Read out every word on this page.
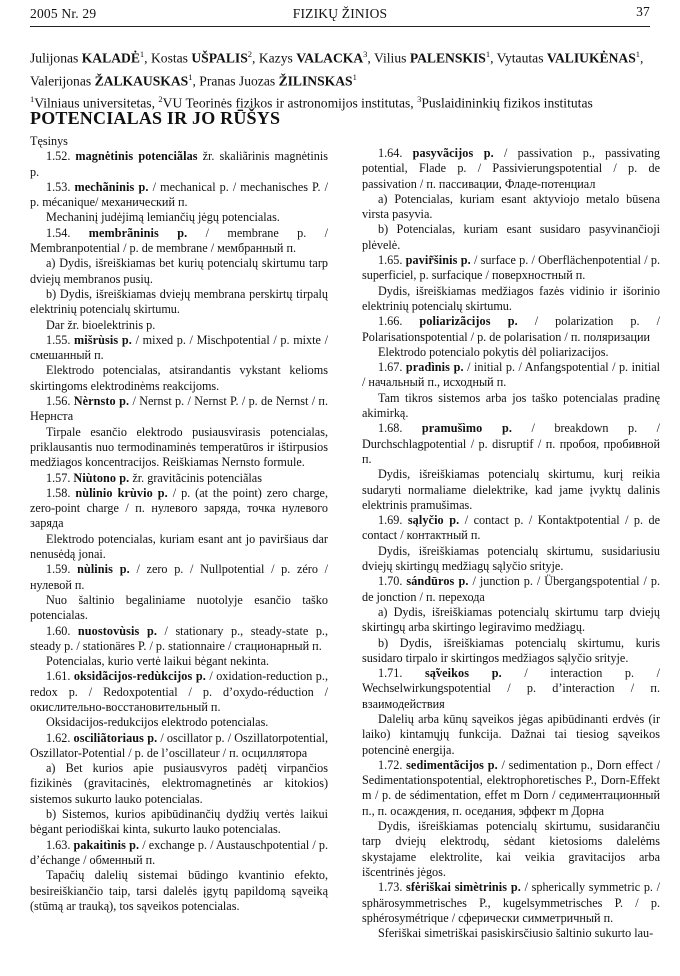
2005 Nr. 29	FIZIKŲ ŽINIOS	37
Julijonas KALADĖ$^1$, Kostas UŠPALIS$^2$, Kazys VALACKA$^3$, Vilius PALENSKIS$^1$, Vytautas VALIUKĖNAS$^1$,
Valerijonas ŽALKAUSKAS$^1$, Pranas Juozas ŽILINSKAS$^1$
$^1$Vilniaus universitetas, $^2$VU Teorinės fizikos ir astronomijos institutas, $^3$Puslaidininkių fizikos institutas
POTENCIALAS IR JO RŪŠYS

Tęsinys

1.52. magnėtinis potenciãlas žr. skaliãrinis magnėtinis p.

1.53. mechãninis p. / mechanical p. / mechanisches P. / p. mécanique/ механический п.

Mechaninį judėjimą lemiančių jėgų potencialas.

1.54. membrãninis p. / membrane p. / Membranpotential / p. de membrane / мембранный п.

a) Dydis, išreiškiamas bet kurių potencialų skirtumu tarp dviejų membranos pusių.

b) Dydis, išreiškiamas dviejų membrana perskirtų tirpalų elektrinių potencialų skirtumu.

Dar žr. bioelektrinis p.

1.55. mišrùsis p. / mixed p. / Mischpotential / p. mixte / смешанный п.

Elektrodo potencialas, atsirandantis vykstant kelioms skirtingoms elektrodinėms reakcijoms.

1.56. Nèrnsto p. / Nernst p. / Nernst P. / p. de Nernst / п. Нернста

Tirpale esančio elektrodo pusiausvirasis potencialas, priklausantis nuo termodinaminės temperatūros ir ištirpusios medžiagos koncentracijos. Reiškiamas Nernsto formule.

1.57. Niùtono p. žr. gravitãcinis potenciãlas

1.58. nùlinio krùvio p. / p. (at the point) zero charge, zero-point charge / п. нулевого заряда, точка нулевого заряда

Elektrodo potencialas, kuriam esant ant jo paviršiaus dar nenusėdą jonai.

1.59. nùlinis p. / zero p. / Nullpotential / p. zéro / нулевой п.

Nuo šaltinio begaliniame nuotolyje esančio taško potencialas.

1.60. nuostovùsis p. / stationary p., steady-state p., steady p. / stationäres P. / p. stationnaire / стационарный п.

Potencialas, kurio vertė laikui bėgant nekinta.

1.61. oksidãcijos-redùkcijos p. / oxidation-reduction p., redox p. / Redoxpotential / p. d’oxydo-réduction / окислительно-восстановительный п.

Oksidacijos-redukcijos elektrodo potencialas.

1.62. osciliãtoriaus p. / oscillator p. / Oszillatorpotential, Oszillator-Potential / p. de l’oscillateur / п. осциллятора

a) Bet kurios apie pusiausvyros padėtį virpančios fizikinės (gravitacinės, elektromagnetinės ar kitokios) sistemos sukurto lauko potencialas.

b) Sistemos, kurios apibūdinančių dydžių vertės laikui bėgant periodiškai kinta, sukurto lauko potencialas.

1.63. pakaitìnis p. / exchange p. / Austauschpotential / p. d’échange / обменный п.

Tapačių dalelių sistemai būdingo kvantinio efekto, besireiškiančio taip, tarsi dalelės įgytų papildomą sąveiką (stūmą ar trauką), tos sąveikos potencialas.

1.64. pasyvãcijos p. / passivation p., passivating potential, Flade p. / Passivierungspotential / p. de passivation / п. пассивации, Фладе-потенциал

a) Potencialas, kuriam esant aktyviojo metalo būsena virsta pasyvia.

b) Potencialas, kuriam esant susidaro pasyvinančioji plėvelė.

1.65. pavir̃šinis p. / surface p. / Oberflächenpotential / p. superficiel, p. surfacique / поверхностный п.

Dydis, išreiškiamas medžiagos fazės vidinio ir išorinio elektrinių potencialų skirtumu.

1.66. poliarizãcijos p. / polarization p. / Polarisationspotential / p. de polarisation / п. поляризации

Elektrodo potencialo pokytis dėl poliarizacijos.

1.67. pradìnis p. / initial p. / Anfangspotential / p. initial / начальный п., исходный п.

Tam tikros sistemos arba jos taško potencialas pradinę akimirką.

1.68. pramušìmo p. / breakdown p. / Durchschlagpotential / p. disruptif / п. пробоя, пробивной п.

Dydis, išreiškiamas potencialų skirtumu, kurį reikia sudaryti normaliame dielektrike, kad jame įvyktų dalinis elektrinis pramušimas.

1.69. sąlyčio p. / contact p. / Kontaktpotential / p. de contact / контактный п.

Dydis, išreiškiamas potencialų skirtumu, susidariusiu dviejų skirtingų medžiagų sąlyčio srityje.

1.70. sándūros p. / junction p. / Übergangspotential / p. de jonction / п. перехода

a) Dydis, išreiškiamas potencialų skirtumu tarp dviejų skirtingų arba skirtingo legiravimo medžiagų.

b) Dydis, išreiškiamas potencialų skirtumu, kuris susidaro tirpalo ir skirtingos medžiagos sąlyčio srityje.

1.71. są̃veikos p. / interaction p. / Wechselwirkungspotential / p. d’interaction / п. взаимодействия

Dalelių arba kūnų sąveikos jėgas apibūdinanti erdvės (ir laiko) kintamųjų funkcija. Dažnai tai tiesiog sąveikos potencinė energija.

1.72. sedimentãcijos p. / sedimentation p., Dorn effect / Sedimentationspotential, elektrophoretisches P., Dorn-Effekt m / p. de sédimentation, effet m Dorn / седиментационный п., п. осаждения, п. оседания, эффект m Дорна

Dydis, išreiškiamas potencialų skirtumu, susidarančiu tarp dviejų elektrodų, sėdant kietosioms dalelėms skystajame elektrolite, kai veikia gravitacijos arba išcentrinės jėgos.

1.73. sfėriškai simètrinis p. / spherically symmetric p. / sphärosymmetrisches P., kugelsymmetrisches P. / p. sphérosymétrique / сферически симметричный п.

Sferiškai simetriškai pasiskirsčiusio šaltinio sukurto lau-
